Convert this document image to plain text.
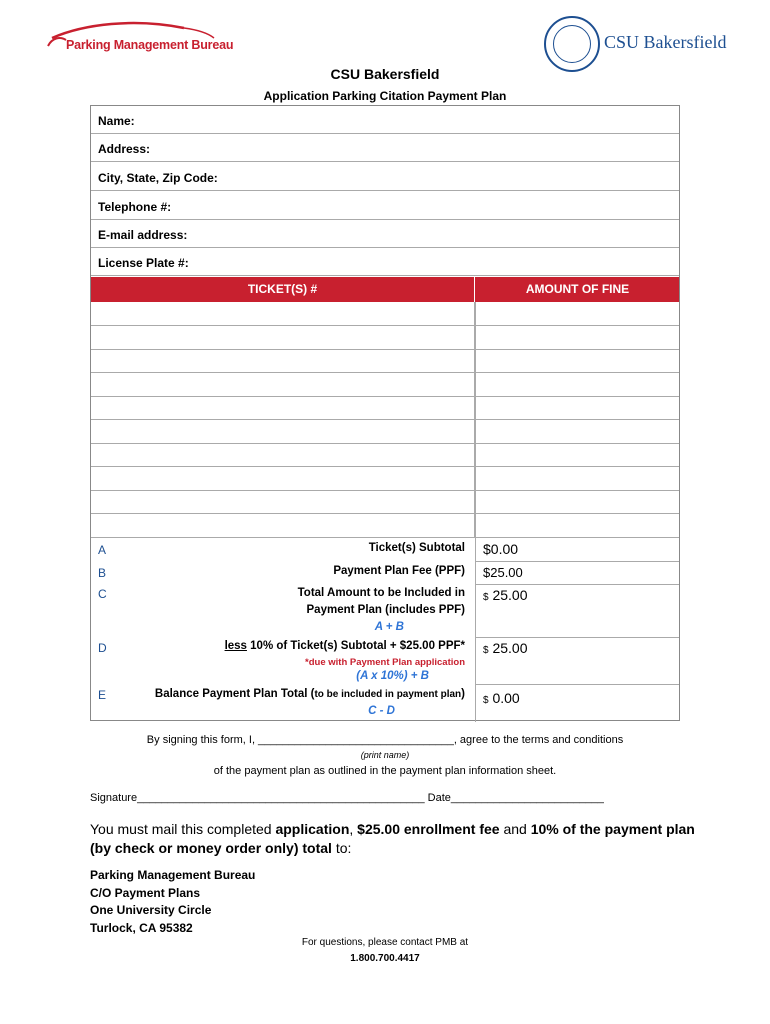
Parking Management Bureau	CSU Bakersfield
CSU Bakersfield
Application Parking Citation Payment Plan
Name:
Address:
City, State, Zip Code:
Telephone #:
E-mail address:
License Plate #:
TICKET(S) #	AMOUNT OF FINE
A	Ticket(s) Subtotal $0.00
B	Payment Plan Fee (PPF) $25.00
C	Total Amount to be Included in
Payment Plan (includes PPF)
A + B
$ 25.00
D	less 10% of Ticket(s) Subtotal + $25.00 PPF*
*due with Payment Plan application
(A x 10%) + B
$ 25.00
E	Balance Payment Plan Total (to be included in payment plan)
C - D
$ 0.00
By signing this form, I, ________________________________, agree to the terms and conditions
(print name)
of the payment plan as outlined in the payment plan information sheet.
Signature_______________________________________________ Date_________________________
You must mail this completed application, $25.00 enrollment fee and 10% of the payment plan (by check or money order only) total to:
Parking Management Bureau
C/O Payment Plans
One University Circle
Turlock, CA 95382
For questions, please contact PMB at
1.800.700.4417
